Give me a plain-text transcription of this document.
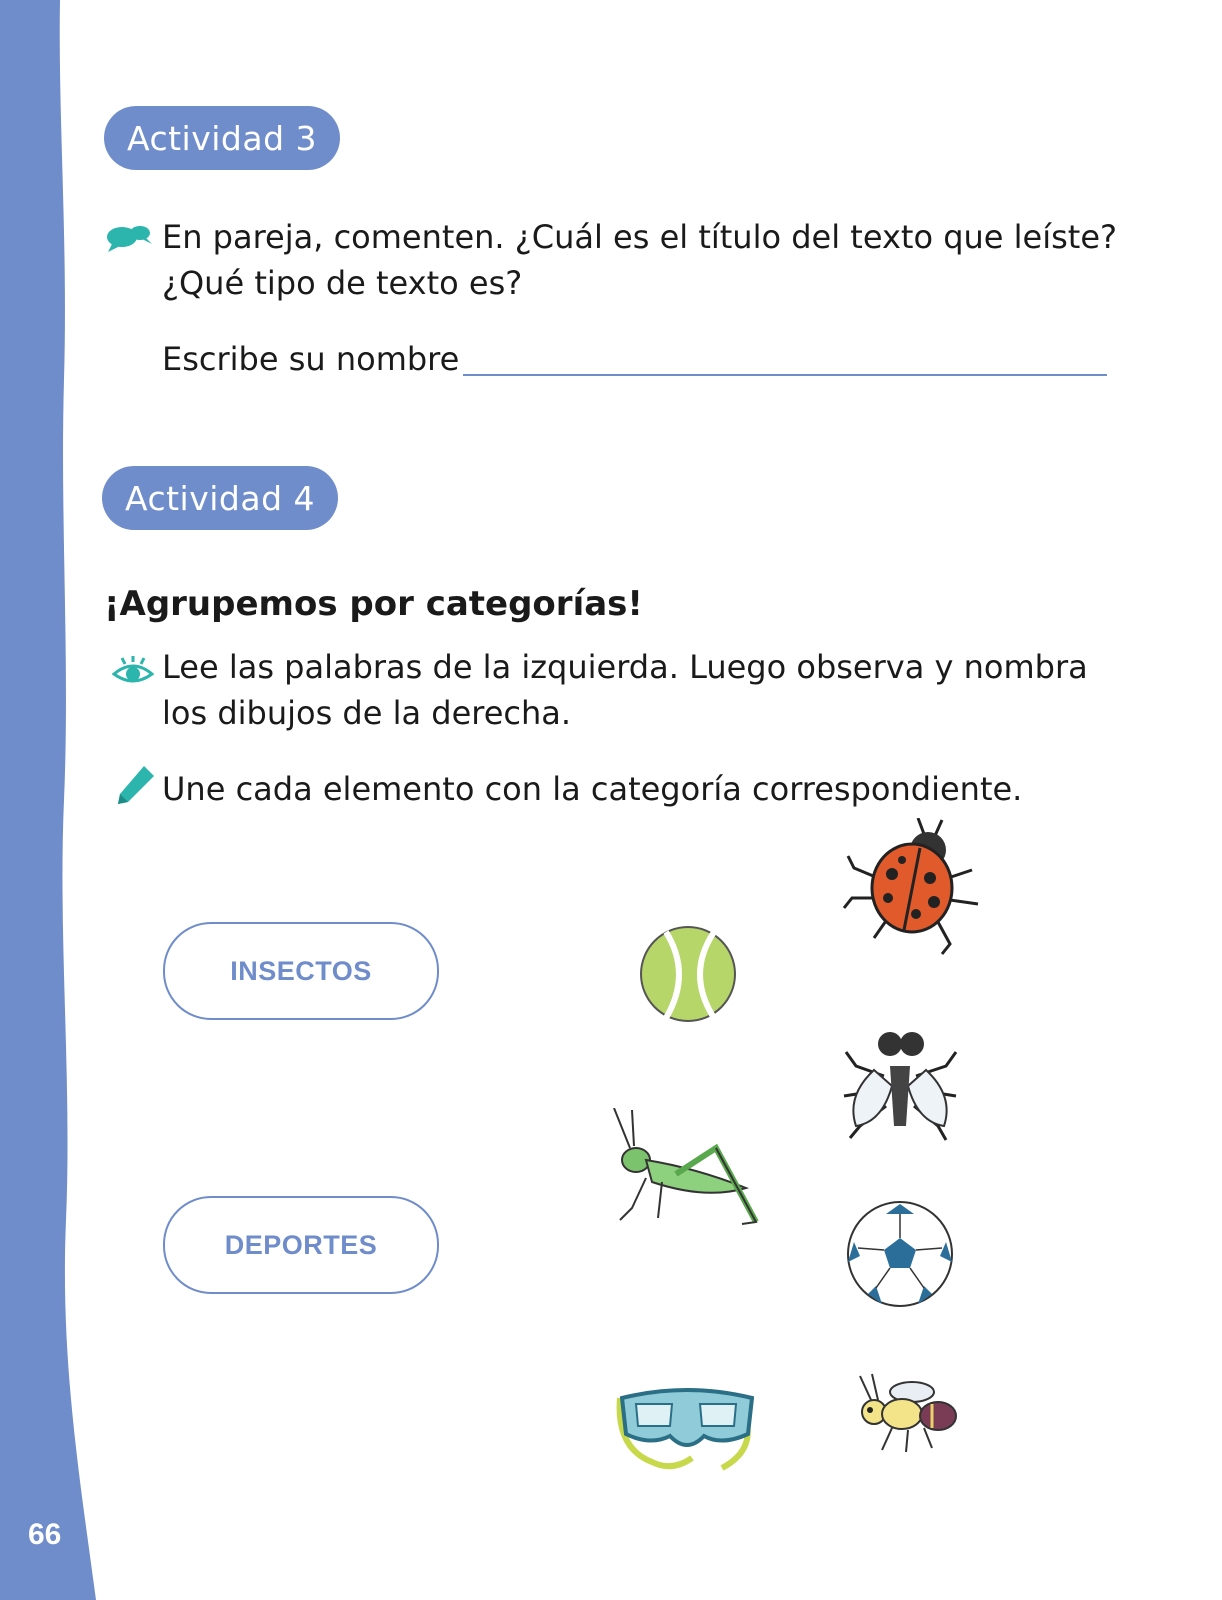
66
Actividad 3
En pareja, comenten. ¿Cuál es el título del texto que leíste?
¿Qué tipo de texto es?
Escribe su nombre
Actividad 4
¡Agrupemos por categorías!
Lee las palabras de la izquierda. Luego observa y nombra
los dibujos de la derecha.
Une cada elemento con la categoría correspondiente.
INSECTOS
DEPORTES
